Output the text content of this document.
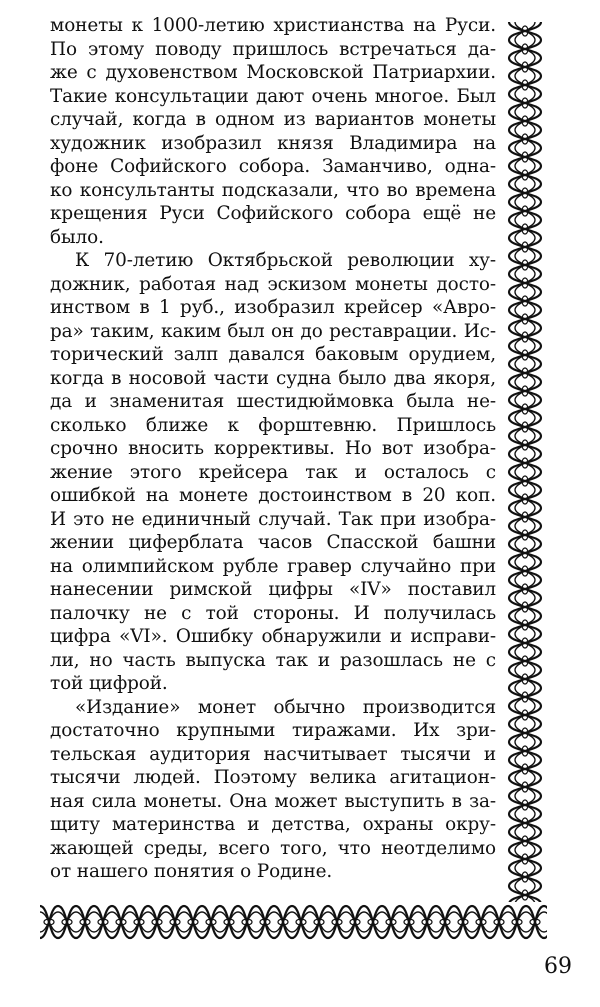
монеты к 1000-летию христианства на Руси.
По этому поводу пришлось встречаться да-
же с духовенством Московской Патриархии.
Такие консультации дают очень многое. Был
случай, когда в одном из вариантов монеты
художник изобразил князя Владимира на
фоне Софийского собора. Заманчиво, одна-
ко консультанты подсказали, что во времена
крещения Руси Софийского собора ещё не
было.
К 70-летию Октябрьской революции ху-
дожник, работая над эскизом монеты досто-
инством в 1 руб., изобразил крейсер «Авро-
ра» таким, каким был он до реставрации. Ис-
торический залп давался баковым орудием,
когда в носовой части судна было два якоря,
да и знаменитая шестидюймовка была не-
сколько ближе к форштевню. Пришлось
срочно вносить коррективы. Но вот изобра-
жение этого крейсера так и осталось с
ошибкой на монете достоинством в 20 коп.
И это не единичный случай. Так при изобра-
жении циферблата часов Спасской башни
на олимпийском рубле гравер случайно при
нанесении римской цифры «IV» поставил
палочку не с той стороны. И получилась
цифра «VI». Ошибку обнаружили и исправи-
ли, но часть выпуска так и разошлась не с
той цифрой.
«Издание» монет обычно производится
достаточно крупными тиражами. Их зри-
тельская аудитория насчитывает тысячи и
тысячи людей. Поэтому велика агитацион-
ная сила монеты. Она может выступить в за-
щиту материнства и детства, охраны окру-
жающей среды, всего того, что неотделимо
от нашего понятия о Родине.
69
